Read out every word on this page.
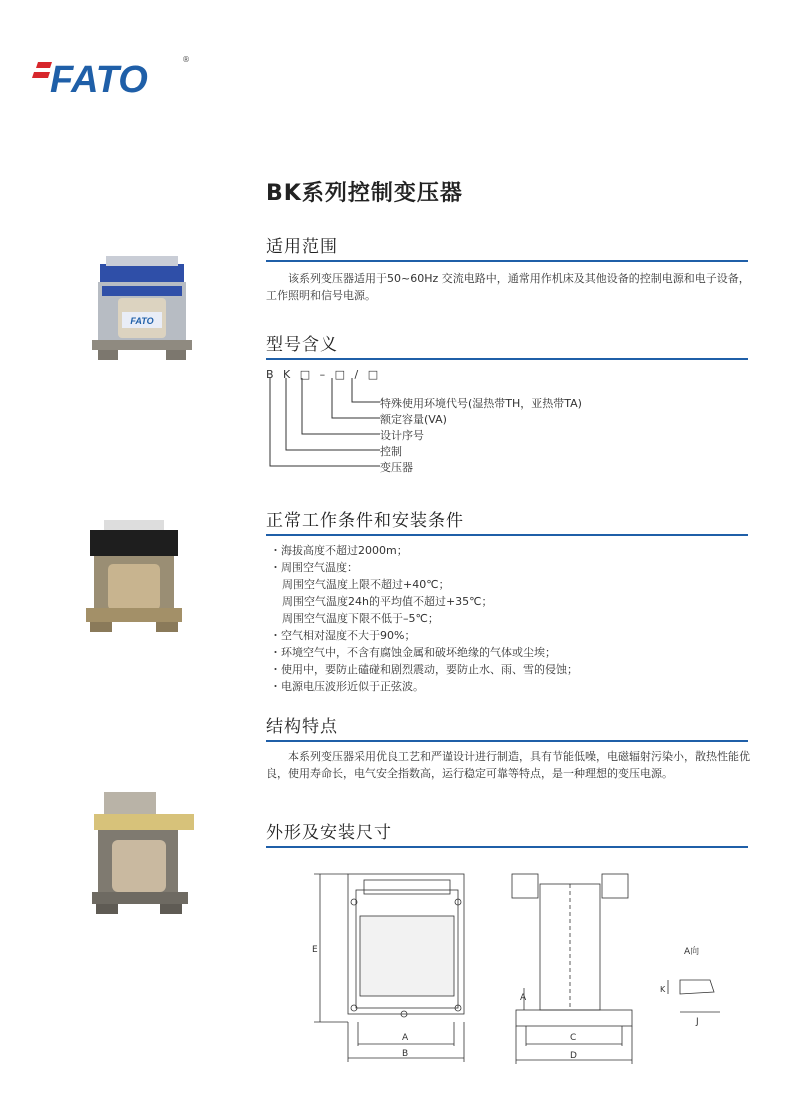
FATO	®
BK系列控制变压器
适用范围
该系列变压器适用于50~60Hz 交流电路中，通常用作机床及其他设备的控制电源和电子设备，工作照明和信号电源。
型号含义
B K □ – □ / □
特殊使用环境代号(湿热带TH，亚热带TA)
额定容量(VA)
设计序号
控制
变压器
正常工作条件和安装条件
・海拔高度不超过2000m；
・周围空气温度：
周围空气温度上限不超过+40℃；
周围空气温度24h的平均值不超过+35℃；
周围空气温度下限不低于–5℃；
・空气相对湿度不大于90%；
・环境空气中，不含有腐蚀金属和破坏绝缘的气体或尘埃；
・使用中，要防止磕碰和剧烈震动，要防止水、雨、雪的侵蚀；
・电源电压波形近似于正弦波。
结构特点
本系列变压器采用优良工艺和严谨设计进行制造，具有节能低噪，电磁辐射污染小，散热性能优良，使用寿命长，电气安全指数高，运行稳定可靠等特点，是一种理想的变压电源。
外形及安装尺寸
FATO
E
A
B
A
C
D
A向
K
J
